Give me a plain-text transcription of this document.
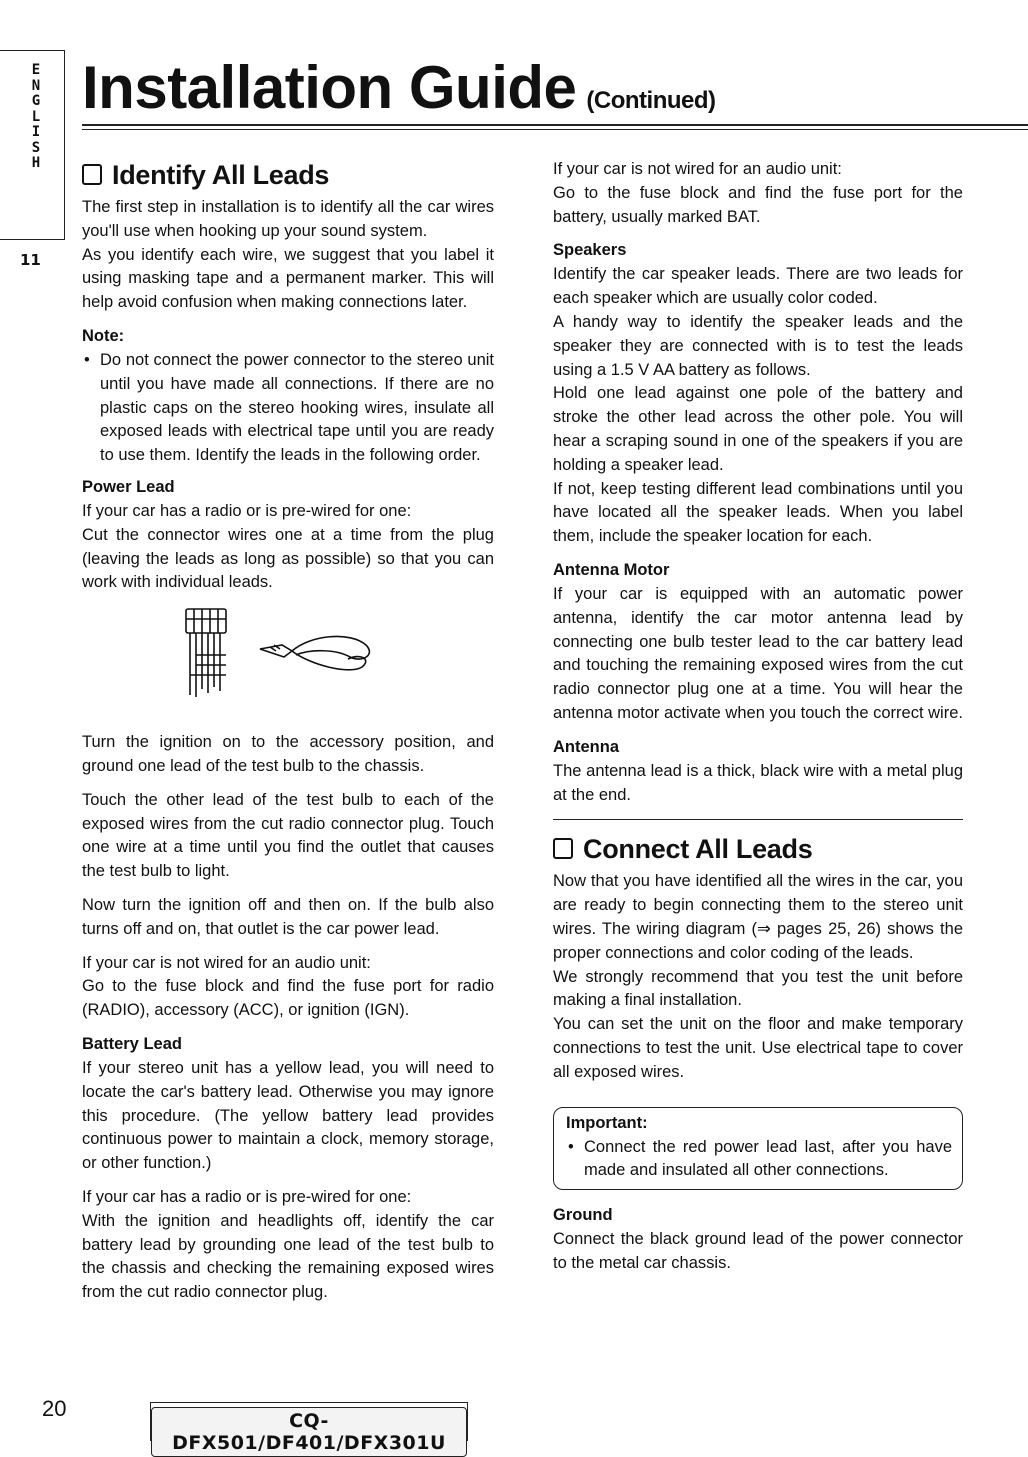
E
N
G
L
I
S
H
11
Installation Guide (Continued)
Identify All Leads

The first step in installation is to identify all the car wires you'll use when hooking up your sound system.

As you identify each wire, we suggest that you label it using masking tape and a permanent marker. This will help avoid confusion when making connections later.

Note:
• Do not connect the power connector to the stereo unit until you have made all connections. If there are no plastic caps on the stereo hooking wires, insulate all exposed leads with electrical tape until you are ready to use them. Identify the leads in the following order.
Power Lead

If your car has a radio or is pre-wired for one:

Cut the connector wires one at a time from the plug (leaving the leads as long as possible) so that you can work with individual leads.

Turn the ignition on to the accessory position, and ground one lead of the test bulb to the chassis.

Touch the other lead of the test bulb to each of the exposed wires from the cut radio connector plug. Touch one wire at a time until you find the outlet that causes the test bulb to light.

Now turn the ignition off and then on. If the bulb also turns off and on, that outlet is the car power lead.

If your car is not wired for an audio unit:

Go to the fuse block and find the fuse port for radio (RADIO), accessory (ACC), or ignition (IGN).

Battery Lead

If your stereo unit has a yellow lead, you will need to locate the car's battery lead. Otherwise you may ignore this procedure. (The yellow battery lead provides continuous power to maintain a clock, memory storage, or other function.)

If your car has a radio or is pre-wired for one:

With the ignition and headlights off, identify the car battery lead by grounding one lead of the test bulb to the chassis and checking the remaining exposed wires from the cut radio connector plug.

If your car is not wired for an audio unit:

Go to the fuse block and find the fuse port for the battery, usually marked BAT.

Speakers

Identify the car speaker leads. There are two leads for each speaker which are usually color coded.

A handy way to identify the speaker leads and the speaker they are connected with is to test the leads using a 1.5 V AA battery as follows.

Hold one lead against one pole of the battery and stroke the other lead across the other pole. You will hear a scraping sound in one of the speakers if you are holding a speaker lead.

If not, keep testing different lead combinations until you have located all the speaker leads. When you label them, include the speaker location for each.

Antenna Motor

If your car is equipped with an automatic power antenna, identify the car motor antenna lead by connecting one bulb tester lead to the car battery lead and touching the remaining exposed wires from the cut radio connector plug one at a time. You will hear the antenna motor activate when you touch the correct wire.

Antenna

The antenna lead is a thick, black wire with a metal plug at the end.

Connect All Leads

Now that you have identified all the wires in the car, you are ready to begin connecting them to the stereo unit wires. The wiring diagram (⇒ pages 25, 26) shows the proper connections and color coding of the leads.

We strongly recommend that you test the unit before making a final installation.

You can set the unit on the floor and make temporary connections to test the unit. Use electrical tape to cover all exposed wires.

Important:
• Connect the red power lead last, after you have made and insulated all other connections.
Ground

Connect the black ground lead of the power connector to the metal car chassis.

20	CQ-DFX501/DF401/DFX301U
